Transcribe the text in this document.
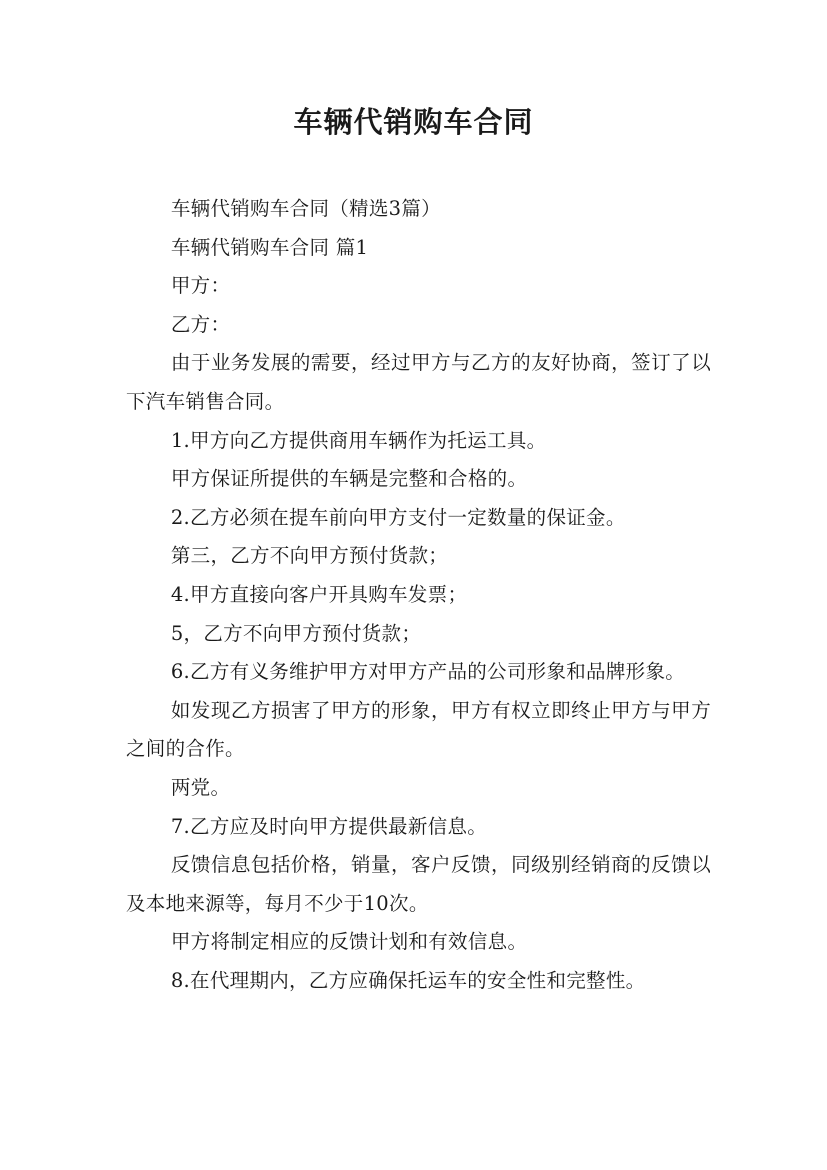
车辆代销购车合同

车辆代销购车合同（精选3篇）

车辆代销购车合同 篇1

甲方：

乙方：

由于业务发展的需要，经过甲方与乙方的友好协商，签订了以下汽车销售合同。

1.甲方向乙方提供商用车辆作为托运工具。

甲方保证所提供的车辆是完整和合格的。

2.乙方必须在提车前向甲方支付一定数量的保证金。

第三，乙方不向甲方预付货款；

4.甲方直接向客户开具购车发票；

5，乙方不向甲方预付货款；

6.乙方有义务维护甲方对甲方产品的公司形象和品牌形象。

如发现乙方损害了甲方的形象，甲方有权立即终止甲方与甲方之间的合作。

两党。

7.乙方应及时向甲方提供最新信息。

反馈信息包括价格，销量，客户反馈，同级别经销商的反馈以及本地来源等，每月不少于10次。

甲方将制定相应的反馈计划和有效信息。

8.在代理期内，乙方应确保托运车的安全性和完整性。
